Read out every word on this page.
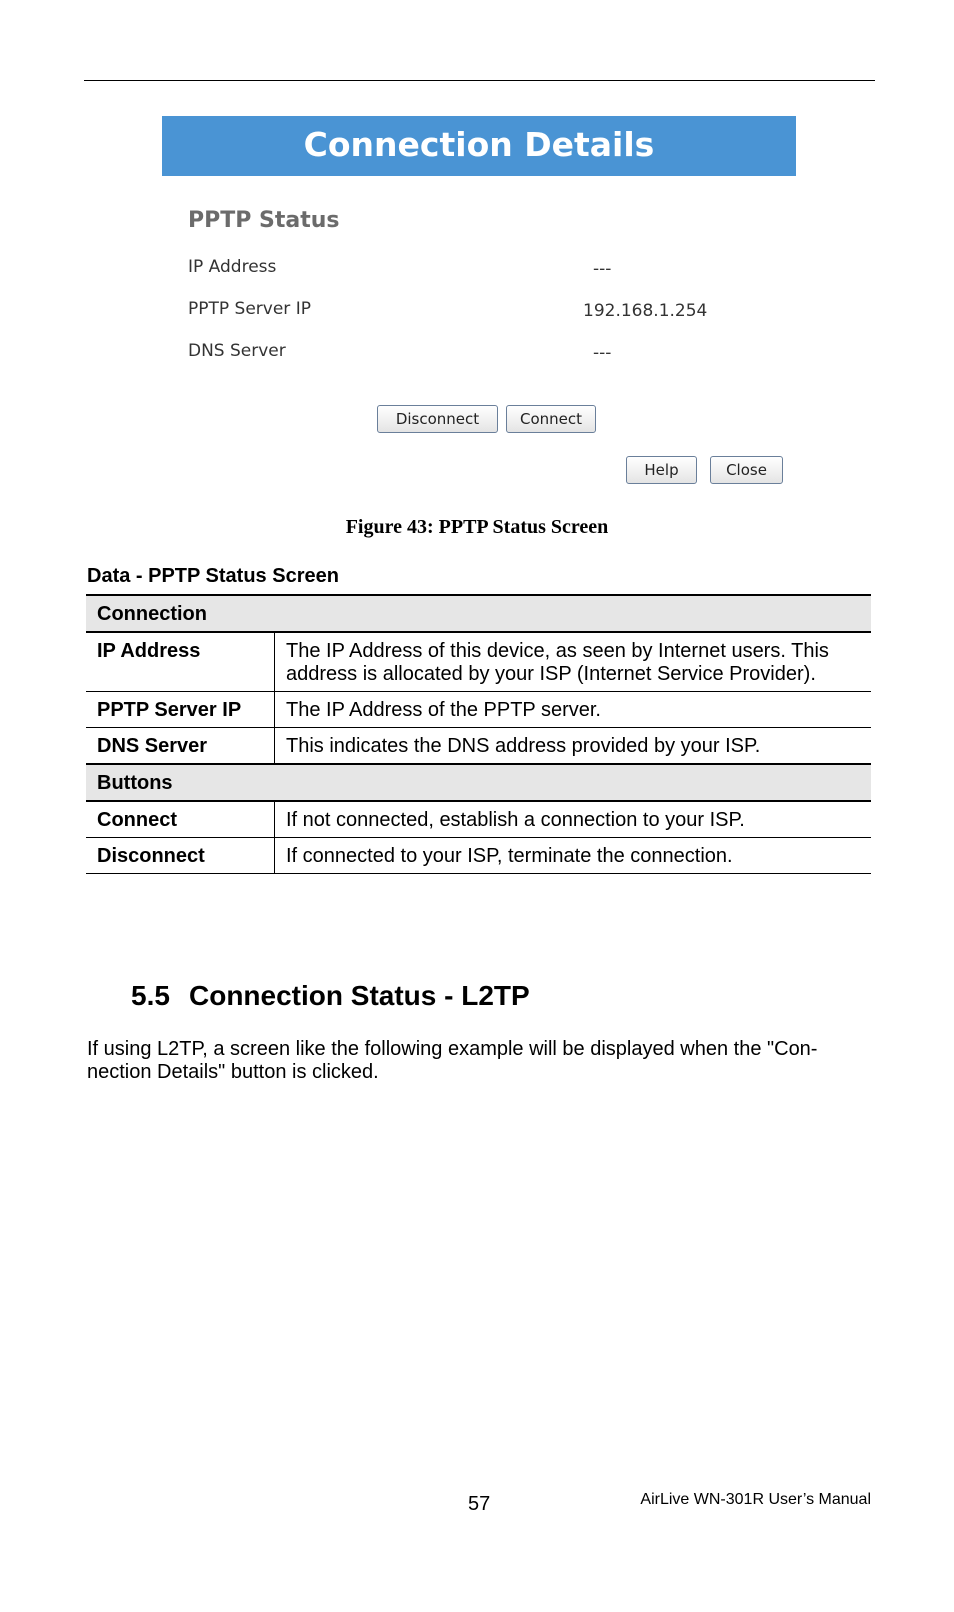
Connection Details
PPTP Status
IP Address	---
PPTP Server IP	192.168.1.254
DNS Server	---
Disconnect	Connect
Help	Close
Figure 43: PPTP Status Screen
Data - PPTP Status Screen
Connection	
IP Address	The IP Address of this device, as seen by Internet users. This address is allocated by your ISP (Internet Service Provider).
PPTP Server IP	The IP Address of the PPTP server.
DNS Server	This indicates the DNS address provided by your ISP.
Buttons	
Connect	If not connected, establish a connection to your ISP.
Disconnect	If connected to your ISP, terminate the connection.
5.5 Connection Status - L2TP
If using L2TP, a screen like the following example will be displayed when the "Con-nection Details" button is clicked.
57	AirLive WN-301R User’s Manual
